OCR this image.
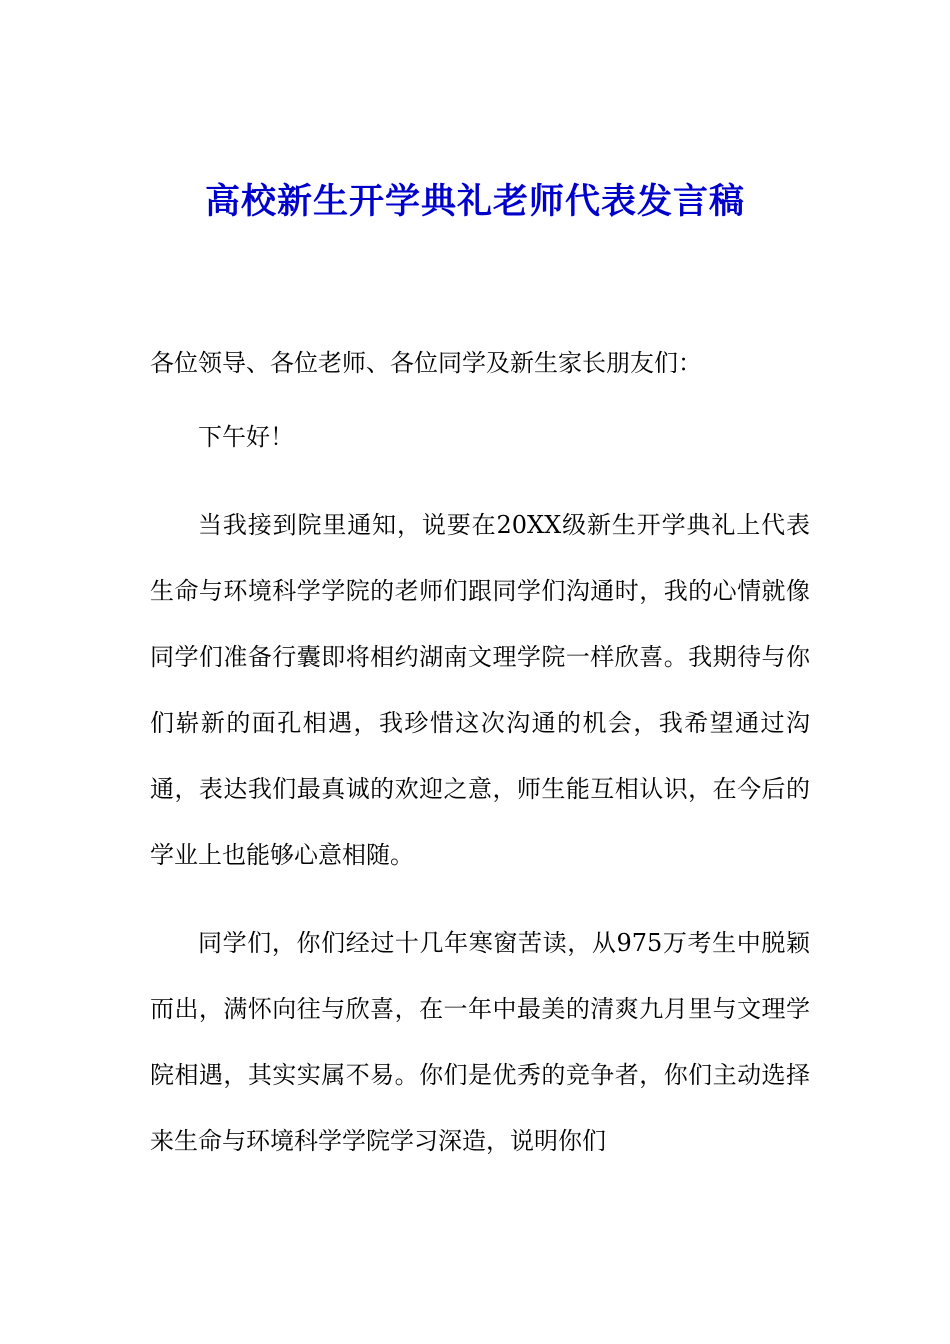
高校新生开学典礼老师代表发言稿

各位领导、各位老师、各位同学及新生家长朋友们：

下午好！

当我接到院里通知，说要在20XX级新生开学典礼上代表生命与环境科学学院的老师们跟同学们沟通时，我的心情就像同学们准备行囊即将相约湖南文理学院一样欣喜。我期待与你们崭新的面孔相遇，我珍惜这次沟通的机会，我希望通过沟通，表达我们最真诚的欢迎之意，师生能互相认识，在今后的学业上也能够心意相随。

同学们，你们经过十几年寒窗苦读，从975万考生中脱颖而出，满怀向往与欣喜，在一年中最美的清爽九月里与文理学院相遇，其实实属不易。你们是优秀的竞争者，你们主动选择来生命与环境科学学院学习深造，说明你们
